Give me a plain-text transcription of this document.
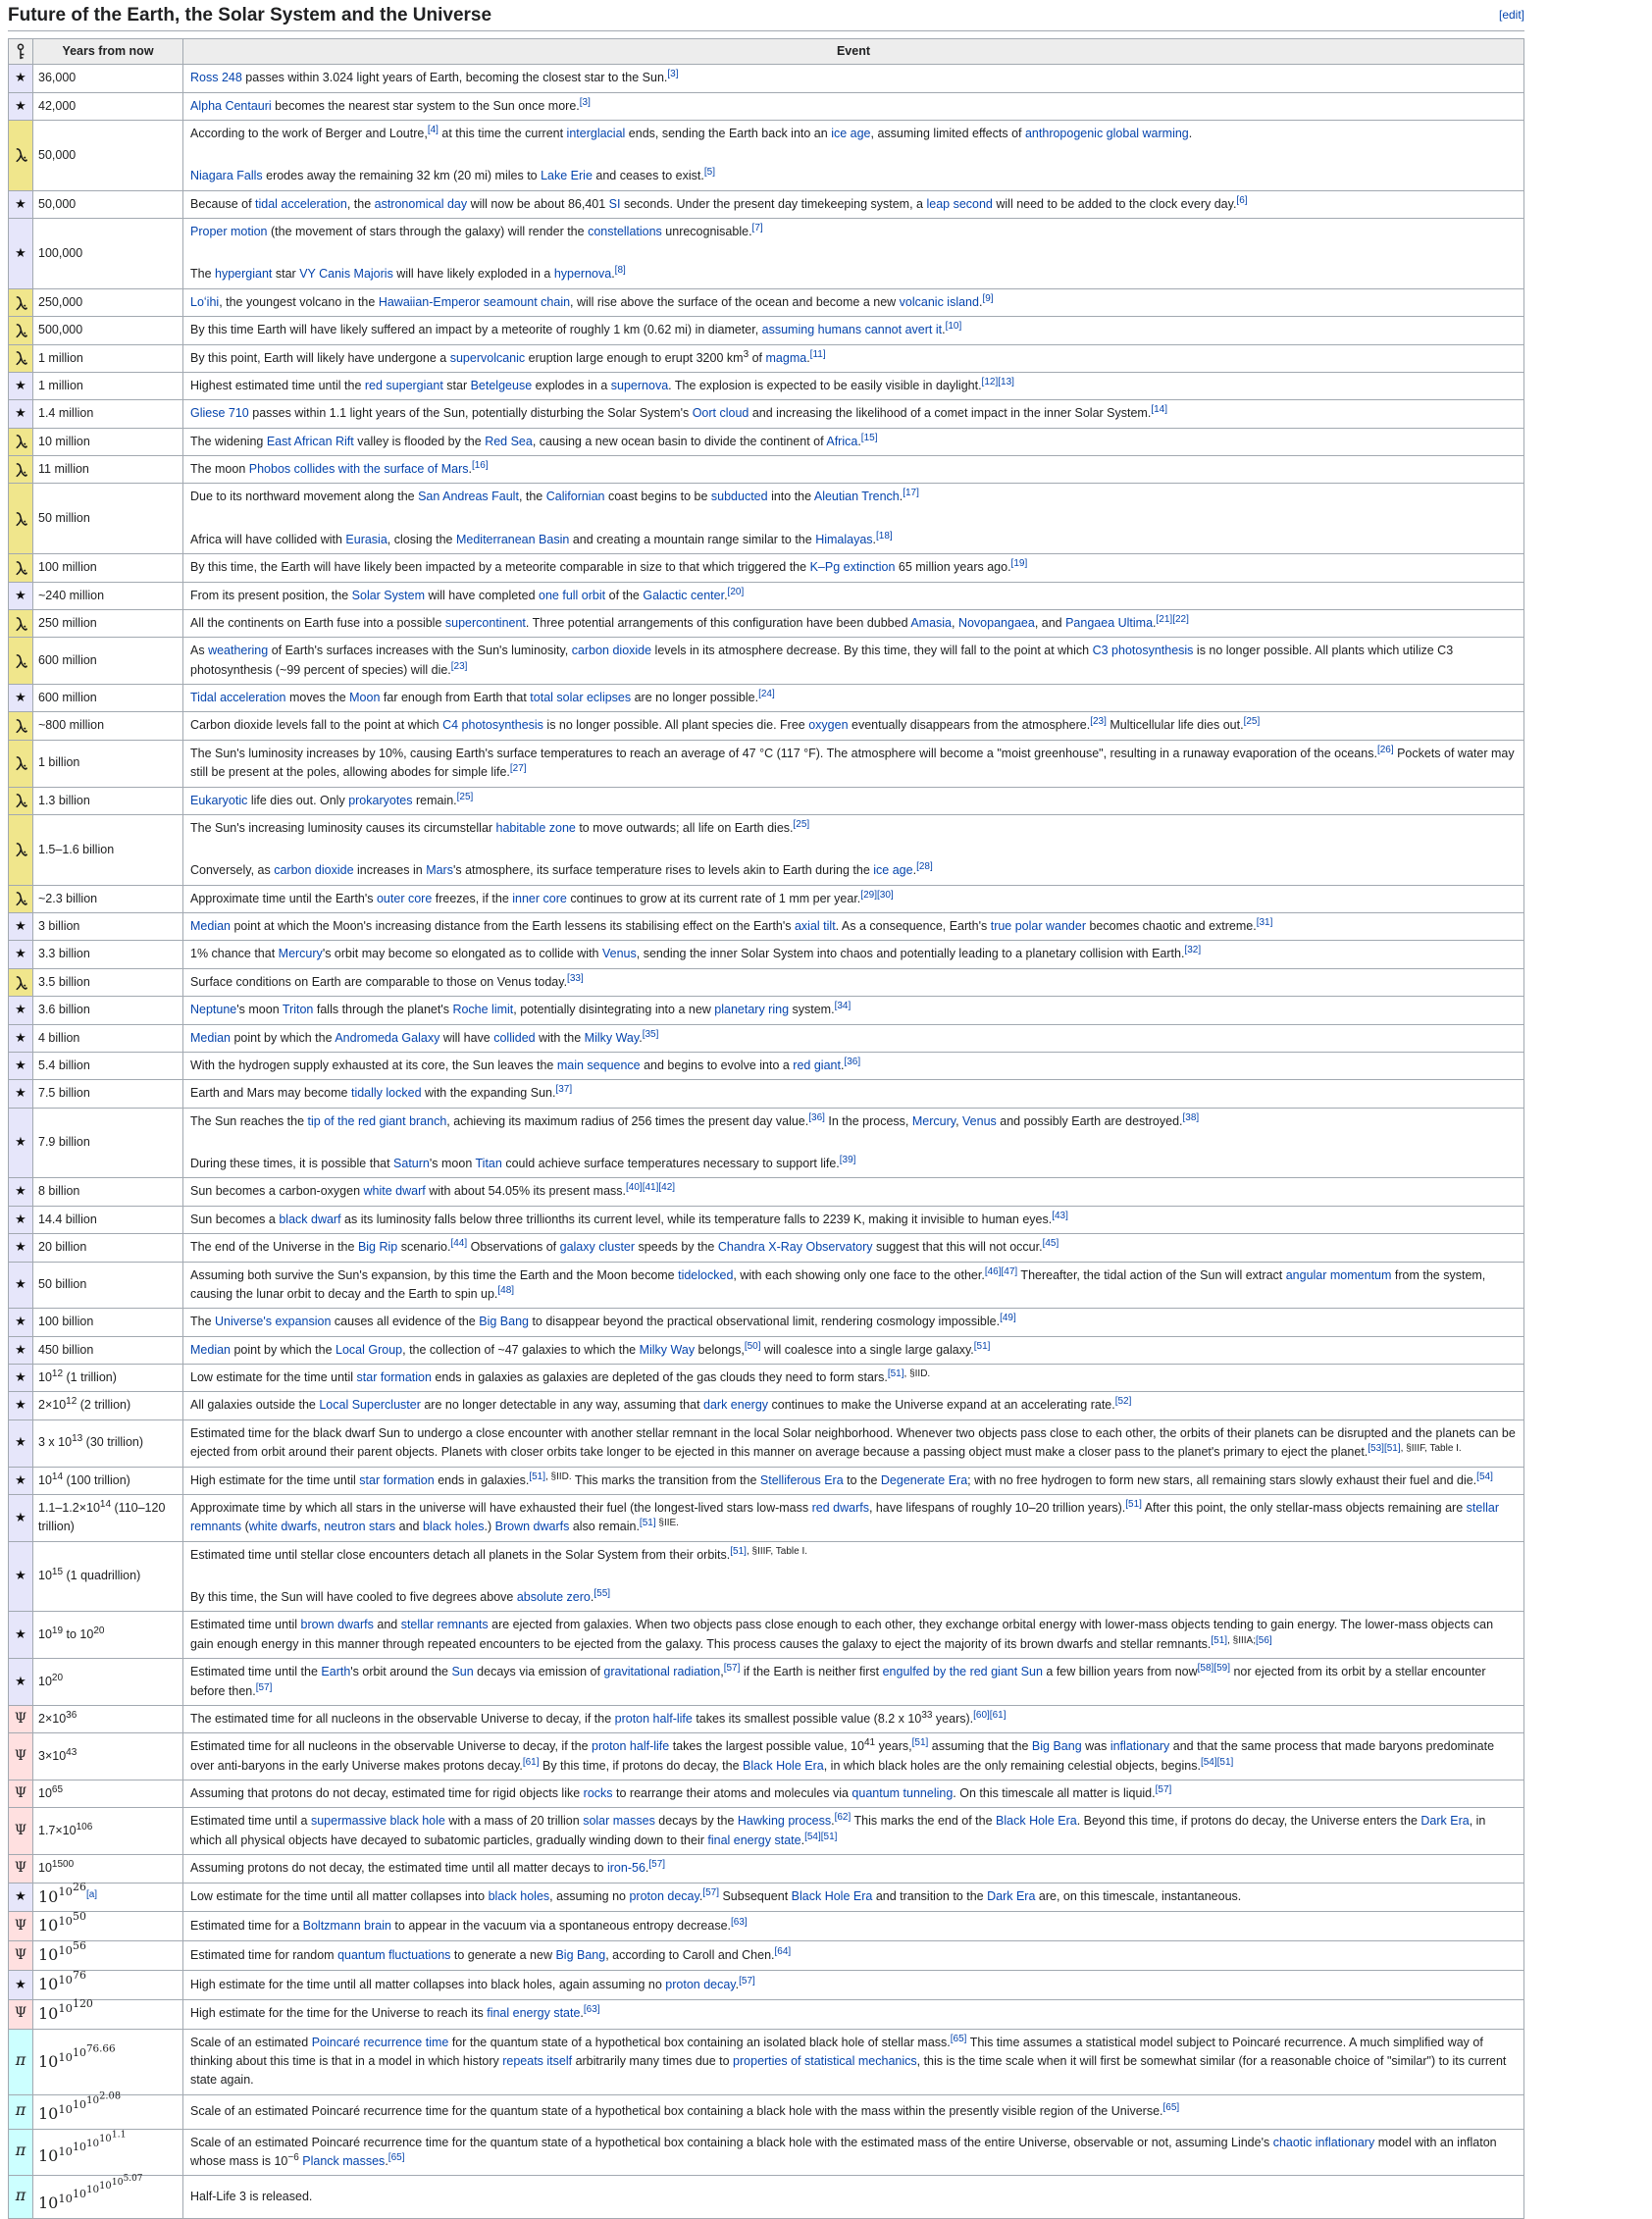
Future of the Earth, the Solar System and the Universe	[edit]
	Years from now	Event
★	36,000	Ross 248 passes within 3.024 light years of Earth, becoming the closest star to the Sun.[3]

★	42,000	Alpha Centauri becomes the nearest star system to the Sun once more.[3]

	50,000	According to the work of Berger and Loutre,[4] at this time the current interglacial ends, sending the Earth back into an ice age, assuming limited effects of anthropogenic global warming.
Niagara Falls erodes away the remaining 32 km (20 mi) miles to Lake Erie and ceases to exist.[5]

★	50,000	Because of tidal acceleration, the astronomical day will now be about 86,401 SI seconds. Under the present day timekeeping system, a leap second will need to be added to the clock every day.[6]

★	100,000	Proper motion (the movement of stars through the galaxy) will render the constellations unrecognisable.[7]
The hypergiant star VY Canis Majoris will have likely exploded in a hypernova.[8]

	250,000	Loʻihi, the youngest volcano in the Hawaiian-Emperor seamount chain, will rise above the surface of the ocean and become a new volcanic island.[9]

	500,000	By this time Earth will have likely suffered an impact by a meteorite of roughly 1 km (0.62 mi) in diameter, assuming humans cannot avert it.[10]

	1 million	By this point, Earth will likely have undergone a supervolcanic eruption large enough to erupt 3200 $km^3$ of magma.[11]

★	1 million	Highest estimated time until the red supergiant star Betelgeuse explodes in a supernova. The explosion is expected to be easily visible in daylight.[12][13]

★	1.4 million	Gliese 710 passes within 1.1 light years of the Sun, potentially disturbing the Solar System's Oort cloud and increasing the likelihood of a comet impact in the inner Solar System.[14]

	10 million	The widening East African Rift valley is flooded by the Red Sea, causing a new ocean basin to divide the continent of Africa.[15]

	11 million	The moon Phobos collides with the surface of Mars.[16]

	50 million	Due to its northward movement along the San Andreas Fault, the Californian coast begins to be subducted into the Aleutian Trench.[17]
Africa will have collided with Eurasia, closing the Mediterranean Basin and creating a mountain range similar to the Himalayas.[18]

	100 million	By this time, the Earth will have likely been impacted by a meteorite comparable in size to that which triggered the K–Pg extinction 65 million years ago.[19]

★	~240 million	From its present position, the Solar System will have completed one full orbit of the Galactic center.[20]

	250 million	All the continents on Earth fuse into a possible supercontinent. Three potential arrangements of this configuration have been dubbed Amasia, Novopangaea, and Pangaea Ultima.[21][22]

	600 million	As weathering of Earth's surfaces increases with the Sun's luminosity, carbon dioxide levels in its atmosphere decrease. By this time, they will fall to the point at which C3 photosynthesis is no longer possible. All plants which utilize C3 photosynthesis (~99 percent of species) will die.[23]

★	600 million	Tidal acceleration moves the Moon far enough from Earth that total solar eclipses are no longer possible.[24]

	~800 million	Carbon dioxide levels fall to the point at which C4 photosynthesis is no longer possible. All plant species die. Free oxygen eventually disappears from the atmosphere.[23] Multicellular life dies out.[25]

	1 billion	The Sun's luminosity increases by 10%, causing Earth's surface temperatures to reach an average of 47 °C (117 °F). The atmosphere will become a "moist greenhouse", resulting in a runaway evaporation of the oceans.[26] Pockets of water may still be present at the poles, allowing abodes for simple life.[27]

	1.3 billion	Eukaryotic life dies out. Only prokaryotes remain.[25]

	1.5–1.6 billion	The Sun's increasing luminosity causes its circumstellar habitable zone to move outwards; all life on Earth dies.[25]
Conversely, as carbon dioxide increases in Mars's atmosphere, its surface temperature rises to levels akin to Earth during the ice age.[28]

	~2.3 billion	Approximate time until the Earth's outer core freezes, if the inner core continues to grow at its current rate of 1 mm per year.[29][30]

★	3 billion	Median point at which the Moon's increasing distance from the Earth lessens its stabilising effect on the Earth's axial tilt. As a consequence, Earth's true polar wander becomes chaotic and extreme.[31]

★	3.3 billion	1% chance that Mercury's orbit may become so elongated as to collide with Venus, sending the inner Solar System into chaos and potentially leading to a planetary collision with Earth.[32]

	3.5 billion	Surface conditions on Earth are comparable to those on Venus today.[33]

★	3.6 billion	Neptune's moon Triton falls through the planet's Roche limit, potentially disintegrating into a new planetary ring system.[34]

★	4 billion	Median point by which the Andromeda Galaxy will have collided with the Milky Way.[35]

★	5.4 billion	With the hydrogen supply exhausted at its core, the Sun leaves the main sequence and begins to evolve into a red giant.[36]

★	7.5 billion	Earth and Mars may become tidally locked with the expanding Sun.[37]

★	7.9 billion	The Sun reaches the tip of the red giant branch, achieving its maximum radius of 256 times the present day value.[36] In the process, Mercury, Venus and possibly Earth are destroyed.[38]
During these times, it is possible that Saturn's moon Titan could achieve surface temperatures necessary to support life.[39]

★	8 billion	Sun becomes a carbon-oxygen white dwarf with about 54.05% its present mass.[40][41][42]

★	14.4 billion	Sun becomes a black dwarf as its luminosity falls below three trillionths its current level, while its temperature falls to 2239 K, making it invisible to human eyes.[43]

★	20 billion	The end of the Universe in the Big Rip scenario.[44] Observations of galaxy cluster speeds by the Chandra X-Ray Observatory suggest that this will not occur.[45]

★	50 billion	Assuming both survive the Sun's expansion, by this time the Earth and the Moon become tidelocked, with each showing only one face to the other.[46][47] Thereafter, the tidal action of the Sun will extract angular momentum from the system, causing the lunar orbit to decay and the Earth to spin up.[48]

★	100 billion	The Universe's expansion causes all evidence of the Big Bang to disappear beyond the practical observational limit, rendering cosmology impossible.[49]

★	450 billion	Median point by which the Local Group, the collection of ~47 galaxies to which the Milky Way belongs,[50] will coalesce into a single large galaxy.[51]

★	$10^{12}$ (1 trillion)	Low estimate for the time until star formation ends in galaxies as galaxies are depleted of the gas clouds they need to form stars.$^{[51], \S IID.}$

★	$2\times 10^{12}$ (2 trillion)	All galaxies outside the Local Supercluster are no longer detectable in any way, assuming that dark energy continues to make the Universe expand at an accelerating rate.[52]

★	3 x $10^{13}$ (30 trillion)	Estimated time for the black dwarf Sun to undergo a close encounter with another stellar remnant in the local Solar neighborhood. Whenever two objects pass close to each other, the orbits of their planets can be disrupted and the planets can be ejected from orbit around their parent objects. Planets with closer orbits take longer to be ejected in this manner on average because a passing object must make a closer pass to the planet's primary to eject the planet.$^{[53][51], \S IIIF, Table I.}$

★	$10^{14}$ (100 trillion)	High estimate for the time until star formation ends in galaxies.$^{[51], \S IID.}$ This marks the transition from the Stelliferous Era to the Degenerate Era; with no free hydrogen to form new stars, all remaining stars slowly exhaust their fuel and die.[54]

★	$1.1-1.2\times 10^{14}$ (110–120 trillion)	Approximate time by which all stars in the universe will have exhausted their fuel (the longest-lived stars low-mass red dwarfs, have lifespans of roughly 10–20 trillion years).[51] After this point, the only stellar-mass objects remaining are stellar remnants (white dwarfs, neutron stars and black holes.) Brown dwarfs also remain.[51] $^{\S IIE.}$

★	$10^{15}$ (1 quadrillion)	Estimated time until stellar close encounters detach all planets in the Solar System from their orbits.$^{[51], \S IIIF, Table I.}$
By this time, the Sun will have cooled to five degrees above absolute zero.[55]

★	$10^{19}$ to $10^{20}$	Estimated time until brown dwarfs and stellar remnants are ejected from galaxies. When two objects pass close enough to each other, they exchange orbital energy with lower-mass objects tending to gain energy. The lower-mass objects can gain enough energy in this manner through repeated encounters to be ejected from the galaxy. This process causes the galaxy to eject the majority of its brown dwarfs and stellar remnants.[51], §IIIA;[56]

★	$10^{20}$	Estimated time until the Earth's orbit around the Sun decays via emission of gravitational radiation,[57] if the Earth is neither first engulfed by the red giant Sun a few billion years from now[58][59] nor ejected from its orbit by a stellar encounter before then.[57]

Ψ	$2\times 10^{36}$	The estimated time for all nucleons in the observable Universe to decay, if the proton half-life takes its smallest possible value (8.2 x $10^{33}$ years).[60][61]

Ψ	$3\times 10^{43}$	Estimated time for all nucleons in the observable Universe to decay, if the proton half-life takes the largest possible value, $10^{41}$ years,[51] assuming that the Big Bang was inflationary and that the same process that made baryons predominate over anti-baryons in the early Universe makes protons decay.[61] By this time, if protons do decay, the Black Hole Era, in which black holes are the only remaining celestial objects, begins.[54][51]

Ψ	$10^{65}$	Assuming that protons do not decay, estimated time for rigid objects like rocks to rearrange their atoms and molecules via quantum tunneling. On this timescale all matter is liquid.[57]

Ψ	$1.7\times 10^{106}$	Estimated time until a supermassive black hole with a mass of 20 trillion solar masses decays by the Hawking process.[62] This marks the end of the Black Hole Era. Beyond this time, if protons do decay, the Universe enters the Dark Era, in which all physical objects have decayed to subatomic particles, gradually winding down to their final energy state.[54][51]

Ψ	$10^{1500}$	Assuming protons do not decay, the estimated time until all matter decays to iron-56.[57]

★	10$^{10^{26}[a]}$	Low estimate for the time until all matter collapses into black holes, assuming no proton decay.[57] Subsequent Black Hole Era and transition to the Dark Era are, on this timescale, instantaneous.

Ψ	$10^{10^{50}}$	Estimated time for a Boltzmann brain to appear in the vacuum via a spontaneous entropy decrease.[63]

Ψ	$10^{10^{56}}$	Estimated time for random quantum fluctuations to generate a new Big Bang, according to Caroll and Chen.[64]

★	$10^{10^{76}}$	High estimate for the time until all matter collapses into black holes, again assuming no proton decay.[57]

Ψ	$10^{10^{120}}$	High estimate for the time for the Universe to reach its final energy state.[63]

π	$10^{10^{10^{76.66}}}$	Scale of an estimated Poincaré recurrence time for the quantum state of a hypothetical box containing an isolated black hole of stellar mass.[65] This time assumes a statistical model subject to Poincaré recurrence. A much simplified way of thinking about this time is that in a model in which history repeats itself arbitrarily many times due to properties of statistical mechanics, this is the time scale when it will first be somewhat similar (for a reasonable choice of "similar") to its current state again.

π	$10^{10^{10^{10^{2.08}}}}$	Scale of an estimated Poincaré recurrence time for the quantum state of a hypothetical box containing a black hole with the mass within the presently visible region of the Universe.[65]

π	$10^{10^{10^{10^{10^{1.1}}}}}$	Scale of an estimated Poincaré recurrence time for the quantum state of a hypothetical box containing a black hole with the estimated mass of the entire Universe, observable or not, assuming Linde's chaotic inflationary model with an inflaton whose mass is $10^{-6}$ Planck masses.[65]

π	$10^{10^{10^{10^{10^{10^{5.07}}}}}}$	Half-Life 3 is released.
